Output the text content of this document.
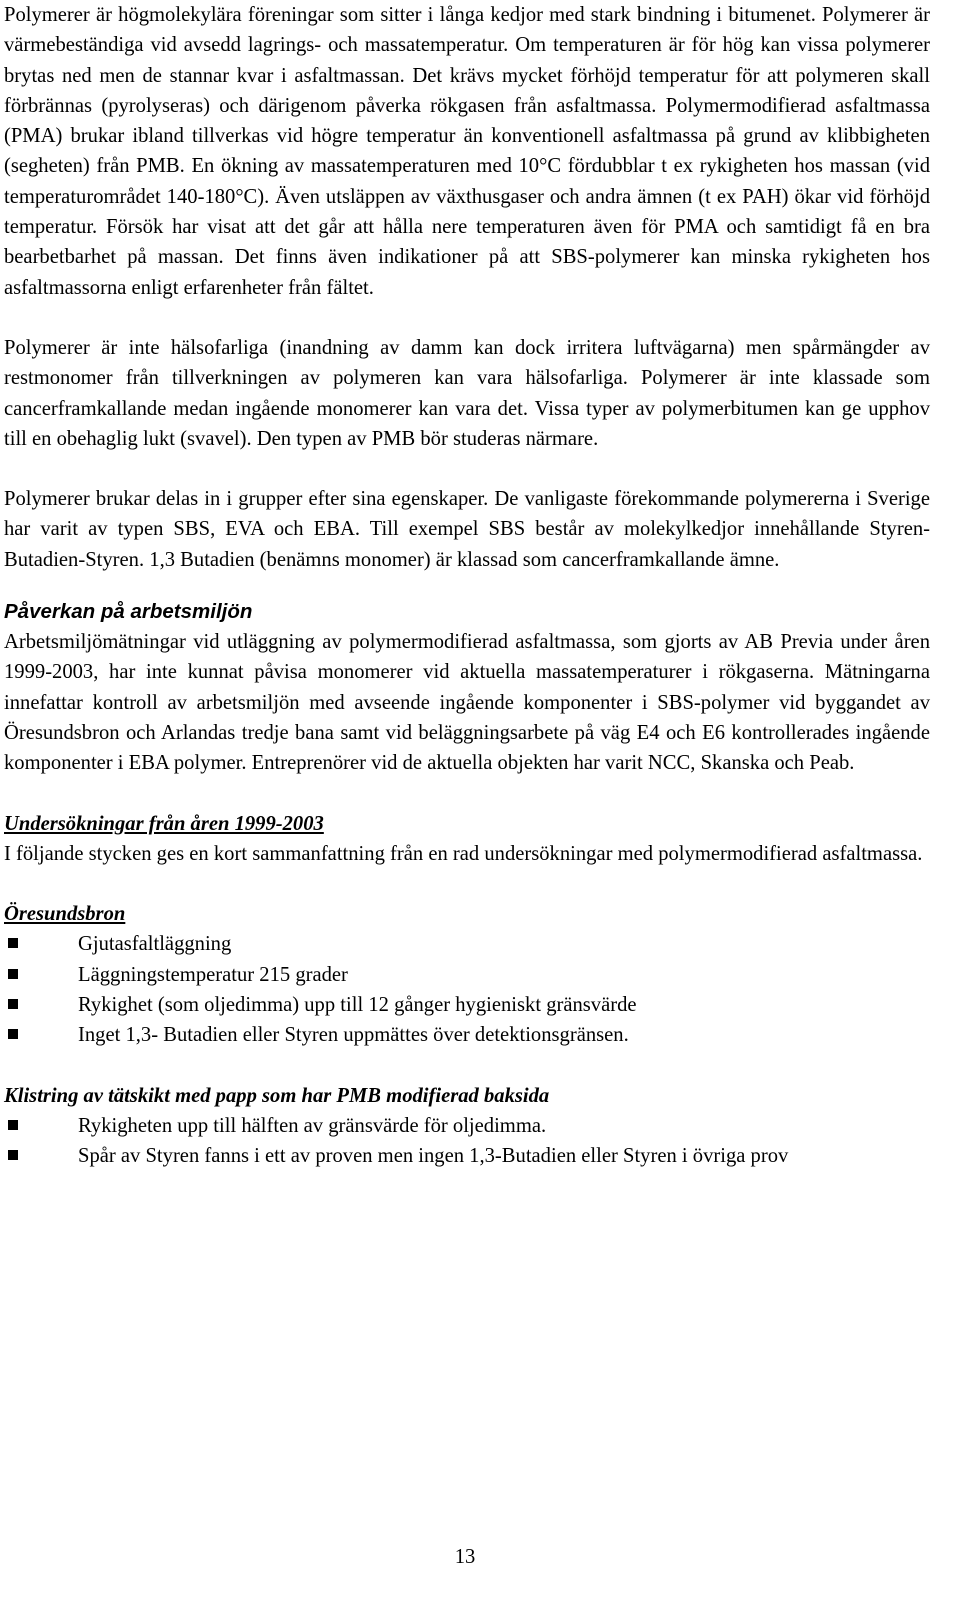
Polymerer är högmolekylära föreningar som sitter i långa kedjor med stark bindning i bitumenet. Polymerer är värmebeständiga vid avsedd lagrings- och massatemperatur. Om temperaturen är för hög kan vissa polymerer brytas ned men de stannar kvar i asfaltmassan. Det krävs mycket förhöjd temperatur för att polymeren skall förbrännas (pyrolyseras) och därigenom påverka rökgasen från asfaltmassa. Polymermodifierad asfaltmassa (PMA) brukar ibland tillverkas vid högre temperatur än konventionell asfaltmassa på grund av klibbigheten (segheten) från PMB. En ökning av massatemperaturen med 10°C fördubblar t ex rykigheten hos massan (vid temperaturområdet 140-180°C). Även utsläppen av växthusgaser och andra ämnen (t ex PAH) ökar vid förhöjd temperatur. Försök har visat att det går att hålla nere temperaturen även för PMA och samtidigt få en bra bearbetbarhet på massan. Det finns även indikationer på att SBS-polymerer kan minska rykigheten hos asfaltmassorna enligt erfarenheter från fältet.

Polymerer är inte hälsofarliga (inandning av damm kan dock irritera luftvägarna) men spårmängder av restmonomer från tillverkningen av polymeren kan vara hälsofarliga. Polymerer är inte klassade som cancerframkallande medan ingående monomerer kan vara det. Vissa typer av polymerbitumen kan ge upphov till en obehaglig lukt (svavel). Den typen av PMB bör studeras närmare.

Polymerer brukar delas in i grupper efter sina egenskaper. De vanligaste förekommande polymererna i Sverige har varit av typen SBS, EVA och EBA. Till exempel SBS består av molekylkedjor innehållande Styren-Butadien-Styren. 1,3 Butadien (benämns monomer) är klassad som cancerframkallande ämne.

Påverkan på arbetsmiljön

Arbetsmiljömätningar vid utläggning av polymermodifierad asfaltmassa, som gjorts av AB Previa under åren 1999-2003, har inte kunnat påvisa monomerer vid aktuella massatemperaturer i rökgaserna. Mätningarna innefattar kontroll av arbetsmiljön med avseende ingående komponenter i SBS-polymer vid byggandet av Öresundsbron och Arlandas tredje bana samt vid beläggningsarbete på väg E4 och E6 kontrollerades ingående komponenter i EBA polymer. Entreprenörer vid de aktuella objekten har varit NCC, Skanska och Peab.

Undersökningar från åren 1999-2003

I följande stycken ges en kort sammanfattning från en rad undersökningar med polymermodifierad asfaltmassa.

Öresundsbron
Gjutasfaltläggning
Läggningstemperatur 215 grader
Rykighet (som oljedimma) upp till 12 gånger hygieniskt gränsvärde
Inget 1,3- Butadien eller Styren uppmättes över detektionsgränsen.
Klistring av tätskikt med papp som har PMB modifierad baksida
Rykigheten upp till hälften av gränsvärde för oljedimma.
Spår av Styren fanns i ett av proven men ingen 1,3-Butadien eller Styren i övriga prov
13
